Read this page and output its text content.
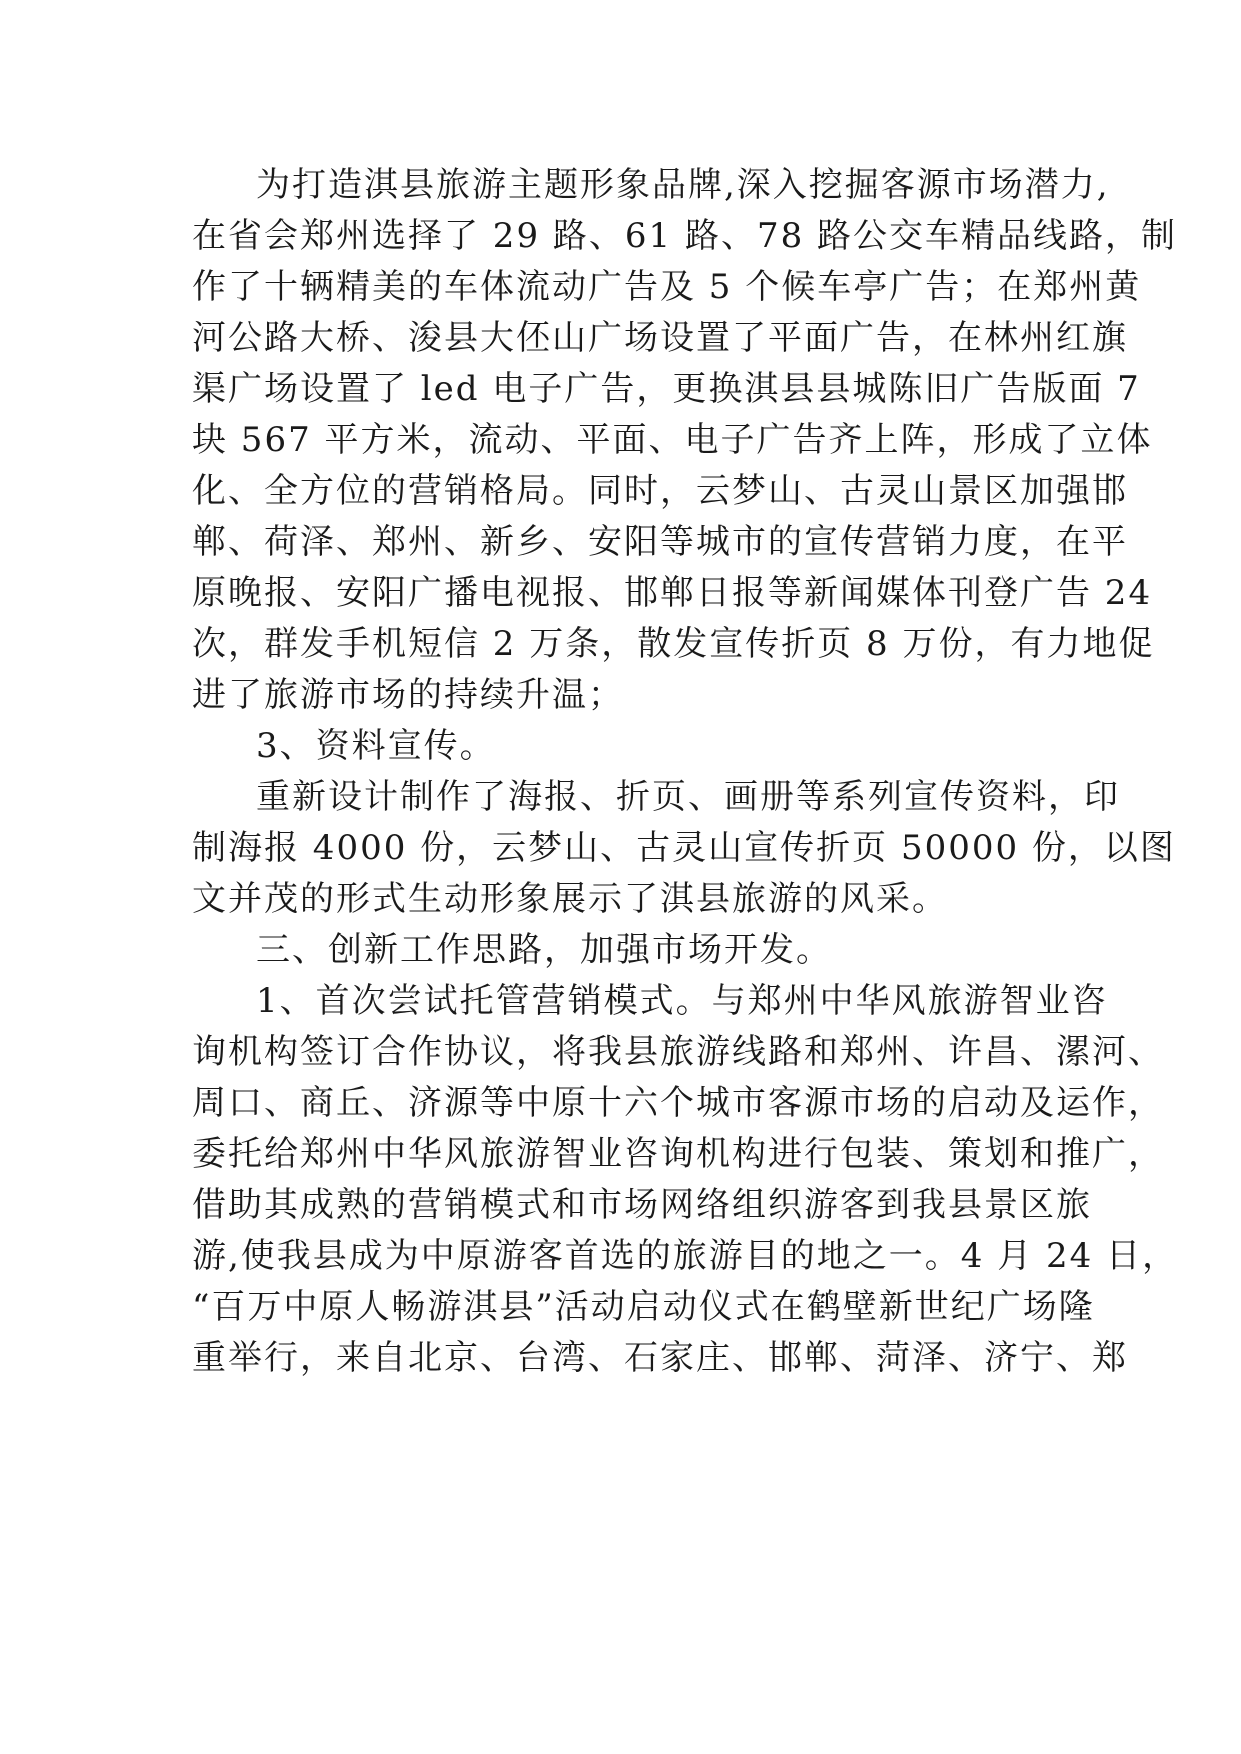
为打造淇县旅游主题形象品牌,深入挖掘客源市场潜力,
在省会郑州选择了 29 路、61 路、78 路公交车精品线路，制
作了十辆精美的车体流动广告及 5 个候车亭广告；在郑州黄
河公路大桥、浚县大伾山广场设置了平面广告，在林州红旗
渠广场设置了 led 电子广告，更换淇县县城陈旧广告版面 7
块 567 平方米，流动、平面、电子广告齐上阵，形成了立体
化、全方位的营销格局。同时，云梦山、古灵山景区加强邯
郸、荷泽、郑州、新乡、安阳等城市的宣传营销力度，在平
原晚报、安阳广播电视报、邯郸日报等新闻媒体刊登广告 24
次，群发手机短信 2 万条，散发宣传折页 8 万份，有力地促
进了旅游市场的持续升温；
3、资料宣传。
重新设计制作了海报、折页、画册等系列宣传资料，印
制海报 4000 份，云梦山、古灵山宣传折页 50000 份，以图
文并茂的形式生动形象展示了淇县旅游的风采。
三、创新工作思路，加强市场开发。
1、首次尝试托管营销模式。与郑州中华风旅游智业咨
询机构签订合作协议，将我县旅游线路和郑州、许昌、漯河、
周口、商丘、济源等中原十六个城市客源市场的启动及运作，
委托给郑州中华风旅游智业咨询机构进行包装、策划和推广，
借助其成熟的营销模式和市场网络组织游客到我县景区旅
游,使我县成为中原游客首选的旅游目的地之一。4 月 24 日，
“百万中原人畅游淇县”活动启动仪式在鹤壁新世纪广场隆
重举行，来自北京、台湾、石家庄、邯郸、菏泽、济宁、郑
